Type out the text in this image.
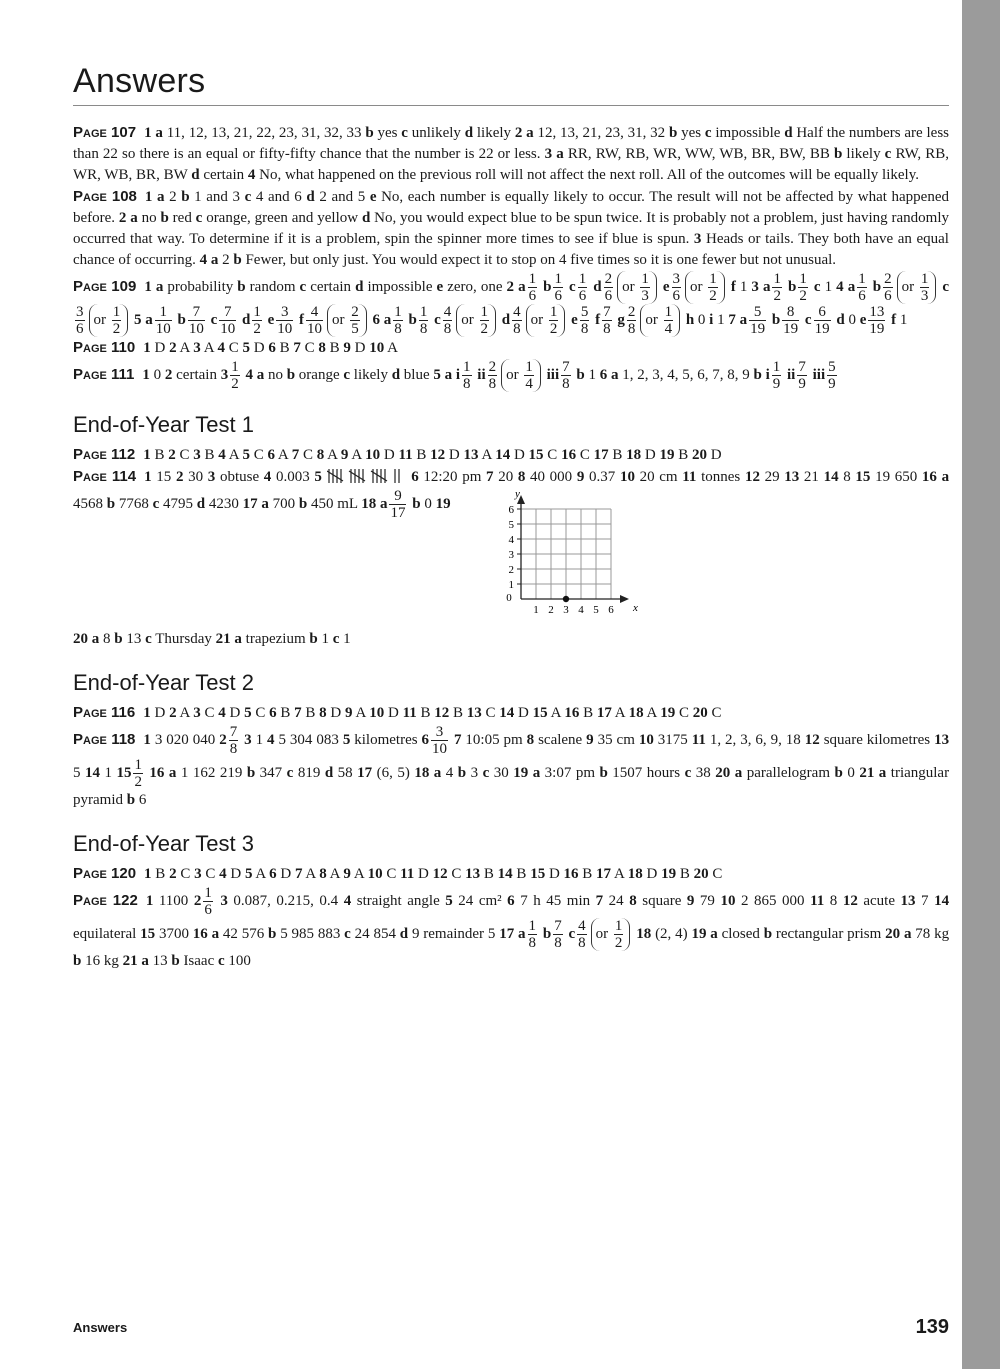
Answers

Page 107 1 a 11, 12, 13, 21, 22, 23, 31, 32, 33 b yes c unlikely d likely 2 a 12, 13, 21, 23, 31, 32 b yes c impossible d Half the numbers are less than 22 so there is an equal or fifty-fifty chance that the number is 22 or less. 3 a RR, RW, RB, WR, WW, WB, BR, BW, BB b likely c RW, RB, WR, WB, BR, BW d certain 4 No, what happened on the previous roll will not affect the next roll. All of the outcomes will be equally likely.

Page 108 1 a 2 b 1 and 3 c 4 and 6 d 2 and 5 e No, each number is equally likely to occur. The result will not be affected by what happened before. 2 a no b red c orange, green and yellow d No, you would expect blue to be spun twice. It is probably not a problem, just having randomly occurred that way. To determine if it is a problem, spin the spinner more times to see if blue is spun. 3 Heads or tails. They both have an equal chance of occurring. 4 a 2 b Fewer, but only just. You would expect it to stop on 4 five times so it is one fewer but not unusual.

Page 109 1 a probability b random c certain d impossible e zero, one 2 a $\frac{1}{6}$ b $\frac{1}{6}$ c $\frac{1}{6}$ d $\frac{2}{6}$ or $\frac{1}{3}$ e $\frac{3}{6}$ or $\frac{1}{2}$ f 1 3 a $\frac{1}{2}$ b $\frac{1}{2}$ c 1 4 a $\frac{1}{6}$ b $\frac{2}{6}$ or $\frac{1}{3}$ c
$\frac{3}{6}$ or $\frac{1}{2} 5$ a $\frac{1}{10}$ b $\frac{7}{10}$ c $\frac{7}{10}$ d $\frac{1}{2}$ e $\frac{3}{10}$ f $\frac{4}{10}$ or $\frac{2}{5} 6$ a $\frac{1}{8}$ b $\frac{1}{8}$ c $\frac{4}{8}$ or $\frac{1}{2}$ d $\frac{4}{8}$ or $\frac{1}{2}$ e $\frac{5}{8}$ f $\frac{7}{8}$ g $\frac{2}{8}$ or $\frac{1}{4}$ h 0 i 1 7 a $\frac{5}{19}$ b $\frac{8}{19}$ c $\frac{6}{19}$ d 0 e $\frac{13}{19}$ f 1

Page 110 1 D 2 A 3 A 4 C 5 D 6 B 7 C 8 B 9 D 10 A

Page 111 1 0 2 certain $3 \frac{1}{2} 4$ a no b orange c likely d blue 5 a i $\frac{1}{8}$ ii $\frac{2}{8}$ or $\frac{1}{4}$ iii $\frac{7}{8}$ b 1 6 a 1, 2, 3, 4, 5, 6, 7, 8, 9 b i $\frac{1}{9}$ ii $\frac{7}{9}$ iii $\frac{5}{9}$

End-of-Year Test 1

Page 112 1 B 2 C 3 B 4 A 5 C 6 A 7 C 8 A 9 A 10 D 11 B 12 D 13 A 14 D 15 C 16 C 17 B 18 D 19 B 20 D

Page 114 1 15 2 30 3 obtuse 4 0.003 5	6 12:20 pm 7 20 8 40 000 9 0.37 10 20 cm 11 tonnes 12 29 13 21 14 8 15 19 650 16 a 4568 b 7768 c 4795 d 4230 17 a 700 b 450 mL 18 a $\frac{9}{17}$ b 0 19
0
1 2 3 4 5 6
1
2
3
4
5
6
x
y

20 a 8 b 13 c Thursday 21 a trapezium b 1 c 1

End-of-Year Test 2

Page 116 1 D 2 A 3 C 4 D 5 C 6 B 7 B 8 D 9 A 10 D 11 B 12 B 13 C 14 D 15 A 16 B 17 A 18 A 19 C 20 C

Page 118 1 3 020 040 $2 \frac{7}{8} 3$ 1 4 5 304 083 5 kilometres $6 \frac{3}{10} 7$ 10:05 pm 8 scalene 9 35 cm 10 3175 11 1, 2, 3, 6, 9, 18 12 square kilometres 13 5 14 1 $15 \frac{1}{2} 16$ a 1 162 219 b 347 c 819 d 58 17 (6, 5) 18 a 4 b 3 c 30 19 a 3:07 pm b 1507 hours c 38 20 a parallelogram b 0 21 a triangular pyramid b 6

End-of-Year Test 3

Page 120 1 B 2 C 3 C 4 D 5 A 6 D 7 A 8 A 9 A 10 C 11 D 12 C 13 B 14 B 15 D 16 B 17 A 18 D 19 B 20 C

Page 122 1 1100 $2 \frac{1}{6} 3$ 0.087, 0.215, 0.4 4 straight angle 5 24 cm² 6 7 h 45 min 7 24 8 square 9 79 10 2 865 000 11 8 12 acute 13 7 14 equilateral 15 3700 16 a 42 576 b 5 985 883 c 24 854 d 9 remainder 5 17 a $\frac{1}{8}$ b $\frac{7}{8}$ c $\frac{4}{8}$ or $\frac{1}{2} 18$ (2, 4) 19 a closed b rectangular prism 20 a 78 kg b 16 kg 21 a 13 b Isaac c 100

Answers	139
